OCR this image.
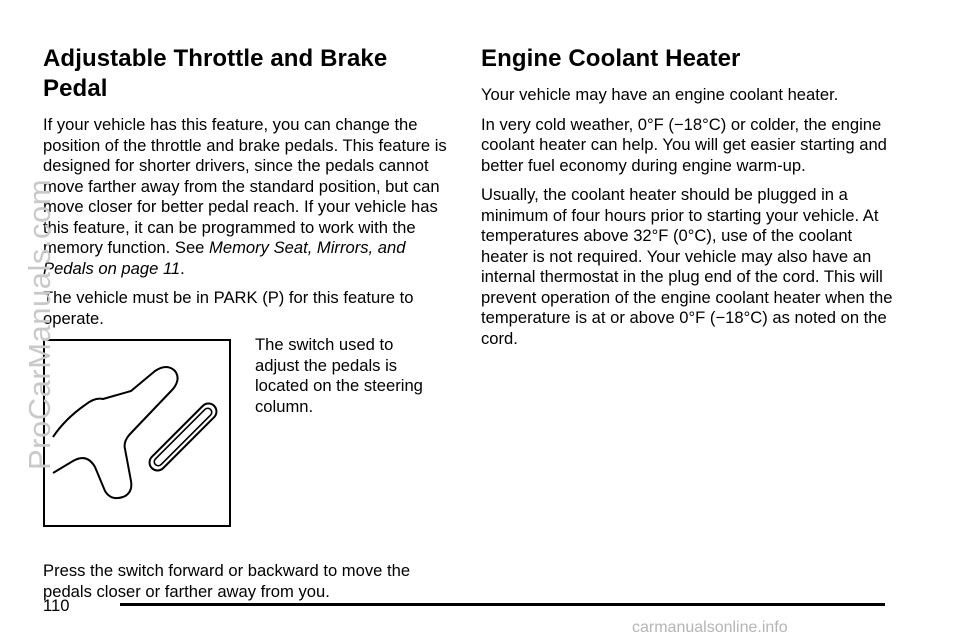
Adjustable Throttle and Brake Pedal

If your vehicle has this feature, you can change the position of the throttle and brake pedals. This feature is designed for shorter drivers, since the pedals cannot move farther away from the standard position, but can move closer for better pedal reach. If your vehicle has this feature, it can be programmed to work with the memory function. See Memory Seat, Mirrors, and Pedals on page 11.

The vehicle must be in PARK (P) for this feature to operate.

The switch used to adjust the pedals is located on the steering column.

Press the switch forward or backward to move the pedals closer or farther away from you.

Engine Coolant Heater

Your vehicle may have an engine coolant heater.

In very cold weather, 0°F (−18°C) or colder, the engine coolant heater can help. You will get easier starting and better fuel economy during engine warm-up.

Usually, the coolant heater should be plugged in a minimum of four hours prior to starting your vehicle. At temperatures above 32°F (0°C), use of the coolant heater is not required. Your vehicle may also have an internal thermostat in the plug end of the cord. This will prevent operation of the engine coolant heater when the temperature is at or above 0°F (−18°C) as noted on the cord.

110
ProCarManuals.com
carmanualsonline.info
